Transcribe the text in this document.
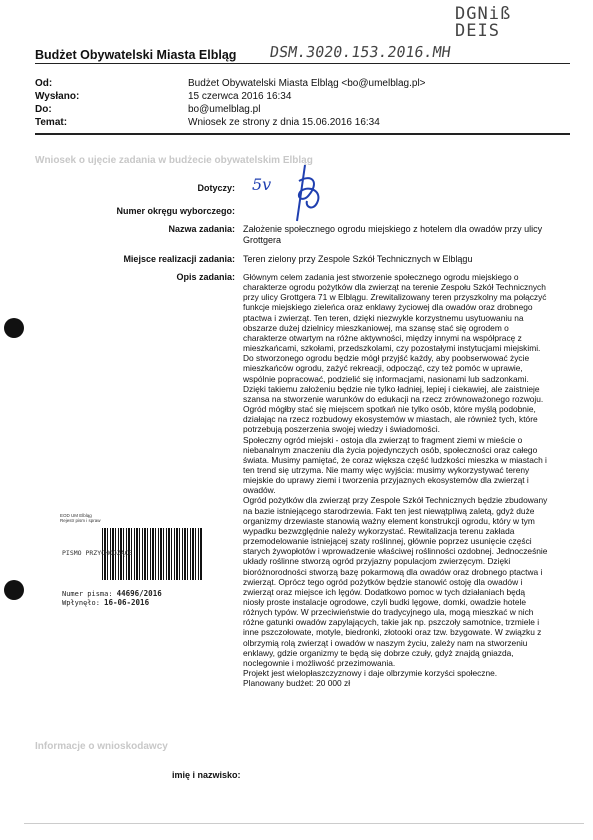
DGNiß
DEIS
Budżet Obywatelski Miasta Elbląg DSM.3020.153.2016.MH
Od:	Budżet Obywatelski Miasta Elbląg <bo@umelblag.pl>
Wysłano:	15 czerwca 2016 16:34
Do:	bo@umelblag.pl
Temat:	Wniosek ze strony z dnia 15.06.2016 16:34
Wniosek o ujęcie zadania w budżecie obywatelskim Elbląg
Dotyczy: 5v
Numer okręgu wyborczego:
Nazwa zadania: Założenie społecznego ogrodu miejskiego z hotelem dla owadów przy ulicy Grottgera
Miejsce realizacji zadania: Teren zielony przy Zespole Szkół Technicznych w Elblągu
Opis zadania: Głównym celem zadania jest stworzenie społecznego ogrodu miejskiego o charakterze ogrodu pożytków dla zwierząt na terenie Zespołu Szkół Technicznych przy ulicy Grottgera 71 w Elblągu. Zrewitalizowany teren przyszkolny ma połączyć funkcje miejskiego zieleńca oraz enklawy życiowej dla owadów oraz drobnego ptactwa i zwierząt. Ten teren, dzięki niezwykle korzystnemu usytuowaniu na obszarze dużej dzielnicy mieszkaniowej, ma szansę stać się ogrodem o charakterze otwartym na różne aktywności, między innymi na współpracę z mieszkańcami, szkołami, przedszkolami, czy pozostałymi instytucjami miejskimi. Do stworzonego ogrodu będzie mógł przyjść każdy, aby poobserwować życie mieszkańców ogrodu, zażyć rekreacji, odpocząć, czy też pomóc w uprawie, wspólnie popracować, podzielić się informacjami, nasionami lub sadzonkami. Dzięki takiemu założeniu będzie nie tylko ładniej, lepiej i ciekawiej, ale zaistnieje szansa na stworzenie warunków do edukacji na rzecz zrównoważonego rozwoju. Ogród mógłby stać się miejscem spotkań nie tylko osób, które myślą podobnie, działając na rzecz rozbudowy ekosystemów w miastach, ale również tych, które potrzebują poszerzenia swojej wiedzy i świadomości.

Społeczny ogród miejski - ostoja dla zwierząt to fragment ziemi w mieście o niebanalnym znaczeniu dla życia pojedynczych osób, społeczności oraz całego świata. Musimy pamiętać, że coraz większa część ludzkości mieszka w miastach i ten trend się utrzyma. Nie mamy więc wyjścia: musimy wykorzystywać tereny miejskie do uprawy ziemi i tworzenia przyjaznych ekosystemów dla zwierząt i owadów.

Ogród pożytków dla zwierząt przy Zespole Szkół Technicznych będzie zbudowany na bazie istniejącego starodrzewia. Fakt ten jest niewątpliwą zaletą, gdyż duże organizmy drzewiaste stanowią ważny element konstrukcji ogrodu, który w tym wypadku bezwzględnie należy wykorzystać. Rewitalizacja terenu zakłada przemodelowanie istniejącej szaty roślinnej, głównie poprzez usunięcie części starych żywopłotów i wprowadzenie właściwej roślinności ozdobnej. Jednocześnie układy roślinne stworzą ogród przyjazny populacjom zwierzęcym. Dzięki bioróżnorodności stworzą bazę pokarmową dla owadów oraz drobnego ptactwa i zwierząt. Oprócz tego ogród pożytków będzie stanowić ostoję dla owadów i zwierząt oraz miejsce ich lęgów. Dodatkowo pomoc w tych działaniach będą niosły proste instalacje ogrodowe, czyli budki lęgowe, domki, owadzie hotele różnych typów. W przeciwieństwie do tradycyjnego ula, mogą mieszkać w nich różne gatunki owadów zapylających, takie jak np. pszczoły samotnice, trzmiele i inne pszczołowate, motyle, biedronki, złotooki oraz tzw. bzygowate. W związku z olbrzymią rolą zwierząt i owadów w naszym życiu, zależy nam na stworzeniu enklawy, gdzie organizmy te będą się dobrze czuły, gdyż znajdą gniazda, noclegownie i możliwość przezimowania.

Projekt jest wielopłaszczyznowy i daje olbrzymie korzyści społeczne.

Planowany budżet: 20 000 zł

EOD UM Elbląg
Rejestr pism i spraw
PISMO PRZYCHODZĄCE
Numer pisma: 44696/2016
Wpłynęło: 16-06-2016
Informacje o wnioskodawcy
imię i nazwisko:
